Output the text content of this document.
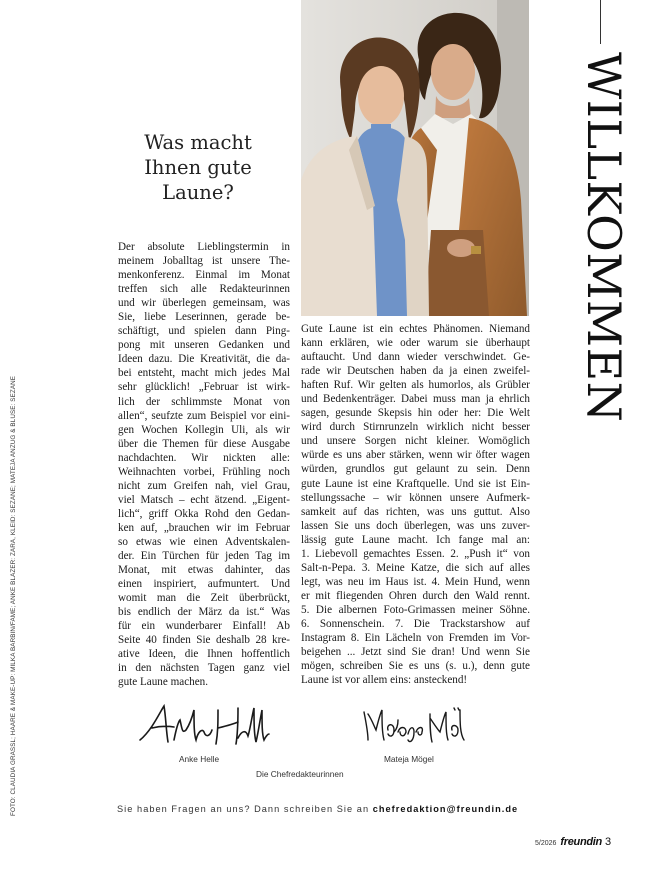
FOTO: CLAUDIA GRASSL; HAARE & MAKE-UP: MILKA BARBIN/FAME; ANKE BLAZER: ZARA, KLEID: SEZANE; MATEJA ANZUG & BLUSE: SEZANE
Was macht
Ihnen gute
Laune?
Der absolute Lieblingstermin in
meinem Joballtag ist unsere The-
menkonferenz. Einmal im Monat
treffen sich alle Redakteurinnen
und wir überlegen gemeinsam, was
Sie, liebe Leserinnen, gerade be-
schäftigt, und spielen dann Ping-
pong mit unseren Gedanken und
Ideen dazu. Die Kreativität, die da-
bei entsteht, macht mich jedes Mal
sehr glücklich! „Februar ist wirk-
lich der schlimmste Monat von
allen“, seufzte zum Beispiel vor eini-
gen Wochen Kollegin Uli, als wir
über die Themen für diese Ausgabe
nachdachten. Wir nickten alle:
Weihnachten vorbei, Frühling noch
nicht zum Greifen nah, viel Grau,
viel Matsch – echt ätzend. „Eigent-
lich“, griff Okka Rohd den Gedan-
ken auf, „brauchen wir im Februar
so etwas wie einen Adventskalen-
der. Ein Türchen für jeden Tag im
Monat, mit etwas dahinter, das
einen inspiriert, aufmuntert. Und
womit man die Zeit überbrückt,
bis endlich der März da ist.“ Was
für ein wunderbarer Einfall! Ab
Seite 40 finden Sie deshalb 28 kre-
ative Ideen, die Ihnen hoffentlich
in den nächsten Tagen ganz viel
gute Laune machen.
Gute Laune ist ein echtes Phänomen. Niemand
kann erklären, wie oder warum sie überhaupt
auftaucht. Und dann wieder verschwindet. Ge-
rade wir Deutschen haben da ja einen zweifel-
haften Ruf. Wir gelten als humorlos, als Grübler
und Bedenkenträger. Dabei muss man ja ehrlich
sagen, gesunde Skepsis hin oder her: Die Welt
wird durch Stirnrunzeln wirklich nicht besser
und unsere Sorgen nicht kleiner. Womöglich
würde es uns aber stärken, wenn wir öfter wagen
würden, grundlos gut gelaunt zu sein. Denn
gute Laune ist eine Kraftquelle. Und sie ist Ein-
stellungssache – wir können unsere Aufmerk-
samkeit auf das richten, was uns guttut. Also
lassen Sie uns doch überlegen, was uns zuver-
lässig gute Laune macht. Ich fange mal an:
1. Liebevoll gemachtes Essen. 2. „Push it“ von
Salt-n-Pepa. 3. Meine Katze, die sich auf alles
legt, was neu im Haus ist. 4. Mein Hund, wenn
er mit fliegenden Ohren durch den Wald rennt.
5. Die albernen Foto-Grimassen meiner Söhne.
6. Sonnenschein. 7. Die Trackstarshow auf
Instagram 8. Ein Lächeln von Fremden im Vor-
beigehen ... Jetzt sind Sie dran! Und wenn Sie
mögen, schreiben Sie es uns (s. u.), denn gute
Laune ist vor allem eins: ansteckend!
WILLKOMMEN
Anke Helle	Mateja Mögel
Die Chefredakteurinnen
Sie haben Fragen an uns? Dann schreiben Sie an chefredaktion@freundin.de
5/2026 freundin 3
